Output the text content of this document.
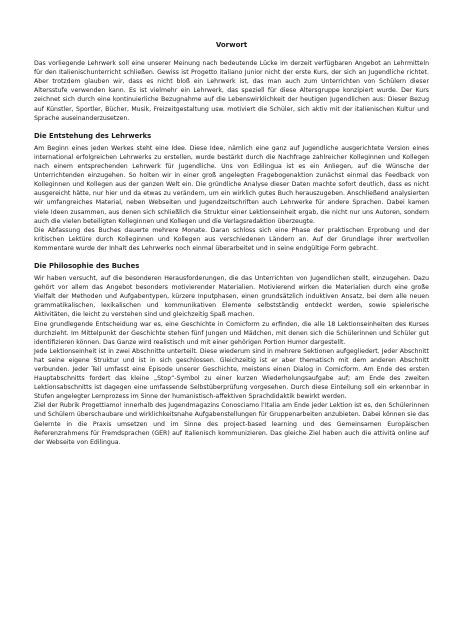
Vorwort

Das vorliegende Lehrwerk soll eine unserer Meinung nach bedeutende Lücke im derzeit verfügbaren Angebot an Lehrmitteln für den Italienischunterricht schließen. Gewiss ist Progetto italiano Junior nicht der erste Kurs, der sich an Jugendliche richtet. Aber trotzdem glauben wir, dass es nicht bloß ein Lehrwerk ist, das man auch zum Unterrichten von Schülern dieser Altersstufe verwenden kann. Es ist vielmehr ein Lehrwerk, das speziell für diese Altersgruppe konzipiert wurde. Der Kurs zeichnet sich durch eine kontinuierliche Bezugnahme auf die Lebenswirklichkeit der heutigen Jugendlichen aus: Dieser Bezug auf Künstler, Sportler, Bücher, Musik, Freizeitgestaltung usw. motiviert die Schüler, sich aktiv mit der italienischen Kultur und Sprache auseinanderzusetzen.

Die Entstehung des Lehrwerks

Am Beginn eines jeden Werkes steht eine Idee. Diese Idee, nämlich eine ganz auf Jugendliche ausgerichtete Version eines international erfolgreichen Lehrwerks zu erstellen, wurde bestärkt durch die Nachfrage zahlreicher Kolleginnen und Kollegen nach einem entsprechenden Lehrwerk für Jugendliche. Uns von Edilingua ist es ein Anliegen, auf die Wünsche der Unterrichtenden einzugehen. So holten wir in einer groß angelegten Fragebogenaktion zunächst einmal das Feedback von Kolleginnen und Kollegen aus der ganzen Welt ein. Die gründliche Analyse dieser Daten machte sofort deutlich, dass es nicht ausgereicht hätte, nur hier und da etwas zu verändern, um ein wirklich gutes Buch herauszugeben. Anschließend analysierten wir umfangreiches Material, neben Webseiten und Jugendzeitschriften auch Lehrwerke für andere Sprachen. Dabei kamen viele Ideen zusammen, aus denen sich schließlich die Struktur einer Lektionseinheit ergab, die nicht nur uns Autoren, sondern auch die vielen beteiligten Kolleginnen und Kollegen und die Verlagsredaktion überzeugte.

Die Abfassung des Buches dauerte mehrere Monate. Daran schloss sich eine Phase der praktischen Erprobung und der kritischen Lektüre durch Kolleginnen und Kollegen aus verschiedenen Ländern an. Auf der Grundlage ihrer wertvollen Kommentare wurde der Inhalt des Lehrwerks noch einmal überarbeitet und in seine endgültige Form gebracht.

Die Philosophie des Buches

Wir haben versucht, auf die besonderen Herausforderungen, die das Unterrichten von Jugendlichen stellt, einzugehen. Dazu gehört vor allem das Angebot besonders motivierender Materialien. Motivierend wirken die Materialien durch eine große Vielfalt der Methoden und Aufgabentypen, kürzere Inputphasen, einen grundsätzlich induktiven Ansatz, bei dem alle neuen grammatikalischen, lexikalischen und kommunikativen Elemente selbstständig entdeckt werden, sowie spielerische Aktivitäten, die leicht zu verstehen sind und gleichzeitig Spaß machen.

Eine grundlegende Entscheidung war es, eine Geschichte in Comicform zu erfinden, die alle 18 Lektionseinheiten des Kurses durchzieht. Im Mittelpunkt der Geschichte stehen fünf Jungen und Mädchen, mit denen sich die Schülerinnen und Schüler gut identifizieren können. Das Ganze wird realistisch und mit einer gehörigen Portion Humor dargestellt.

Jede Lektionseinheit ist in zwei Abschnitte unterteilt. Diese wiederum sind in mehrere Sektionen aufgegliedert. Jeder Abschnitt hat seine eigene Struktur und ist in sich geschlossen. Gleichzeitig ist er aber thematisch mit dem anderen Abschnitt verbunden. Jeder Teil umfasst eine Episode unserer Geschichte, meistens einen Dialog in Comicform. Am Ende des ersten Hauptabschnitts fordert das kleine „Stop“-Symbol zu einer kurzen Wiederholungsaufgabe auf; am Ende des zweiten Lektionsabschnitts ist dagegen eine umfassende Selbstüberprüfung vorgesehen. Durch diese Einteilung soll ein erkennbar in Stufen angelegter Lernprozess im Sinne der humanistisch-affektiven Sprachdidaktik bewirkt werden.

Ziel der Rubrik Progettiamo! innerhalb des Jugendmagazins Conosciamo l’Italia am Ende jeder Lektion ist es, den Schülerinnen und Schülern überschaubare und wirklichkeitsnahe Aufgabenstellungen für Gruppenarbeiten anzubieten. Dabei können sie das Gelernte in die Praxis umsetzen und im Sinne des project-based learning und des Gemeinsamen Europäischen Referenzrahmens für Fremdsprachen (GER) auf Italienisch kommunizieren. Das gleiche Ziel haben auch die attività online auf der Webseite von Edilingua.
